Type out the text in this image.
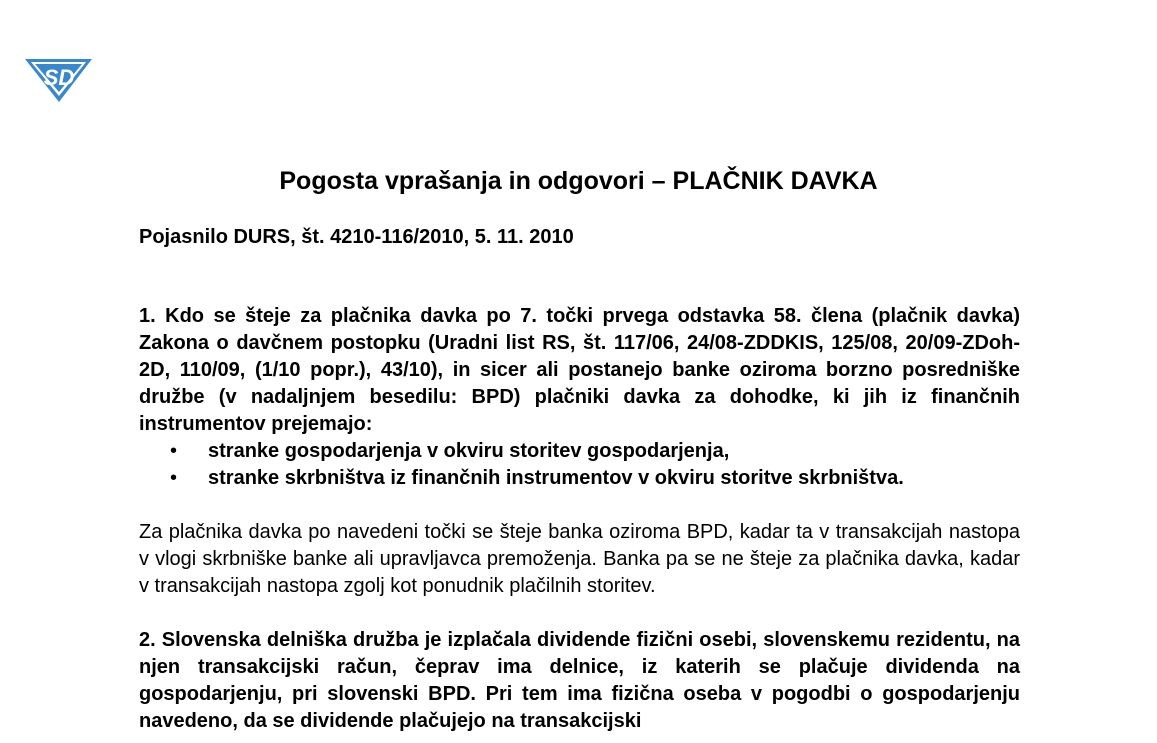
SD
Pogosta vprašanja in odgovori – PLAČNIK DAVKA
Pojasnilo DURS, št. 4210-116/2010, 5. 11. 2010

1. Kdo se šteje za plačnika davka po 7. točki prvega odstavka 58. člena (plačnik davka) Zakona o davčnem postopku (Uradni list RS, št. 117/06, 24/08-ZDDKIS, 125/08, 20/09-ZDoh-2D, 110/09, (1/10 popr.), 43/10), in sicer ali postanejo banke oziroma borzno posredniške družbe (v nadaljnjem besedilu: BPD) plačniki davka za dohodke, ki jih iz finančnih instrumentov prejemajo:

• stranke gospodarjenja v okviru storitev gospodarjenja,
• stranke skrbništva iz finančnih instrumentov v okviru storitve skrbništva.

Za plačnika davka po navedeni točki se šteje banka oziroma BPD, kadar ta v transakcijah nastopa v vlogi skrbniške banke ali upravljavca premoženja. Banka pa se ne šteje za plačnika davka, kadar v transakcijah nastopa zgolj kot ponudnik plačilnih storitev.

2. Slovenska delniška družba je izplačala dividende fizični osebi, slovenskemu rezidentu, na njen transakcijski račun, čeprav ima delnice, iz katerih se plačuje dividenda na gospodarjenju, pri slovenski BPD. Pri tem ima fizična oseba v pogodbi o gospodarjenju navedeno, da se dividende plačujejo na transakcijski
